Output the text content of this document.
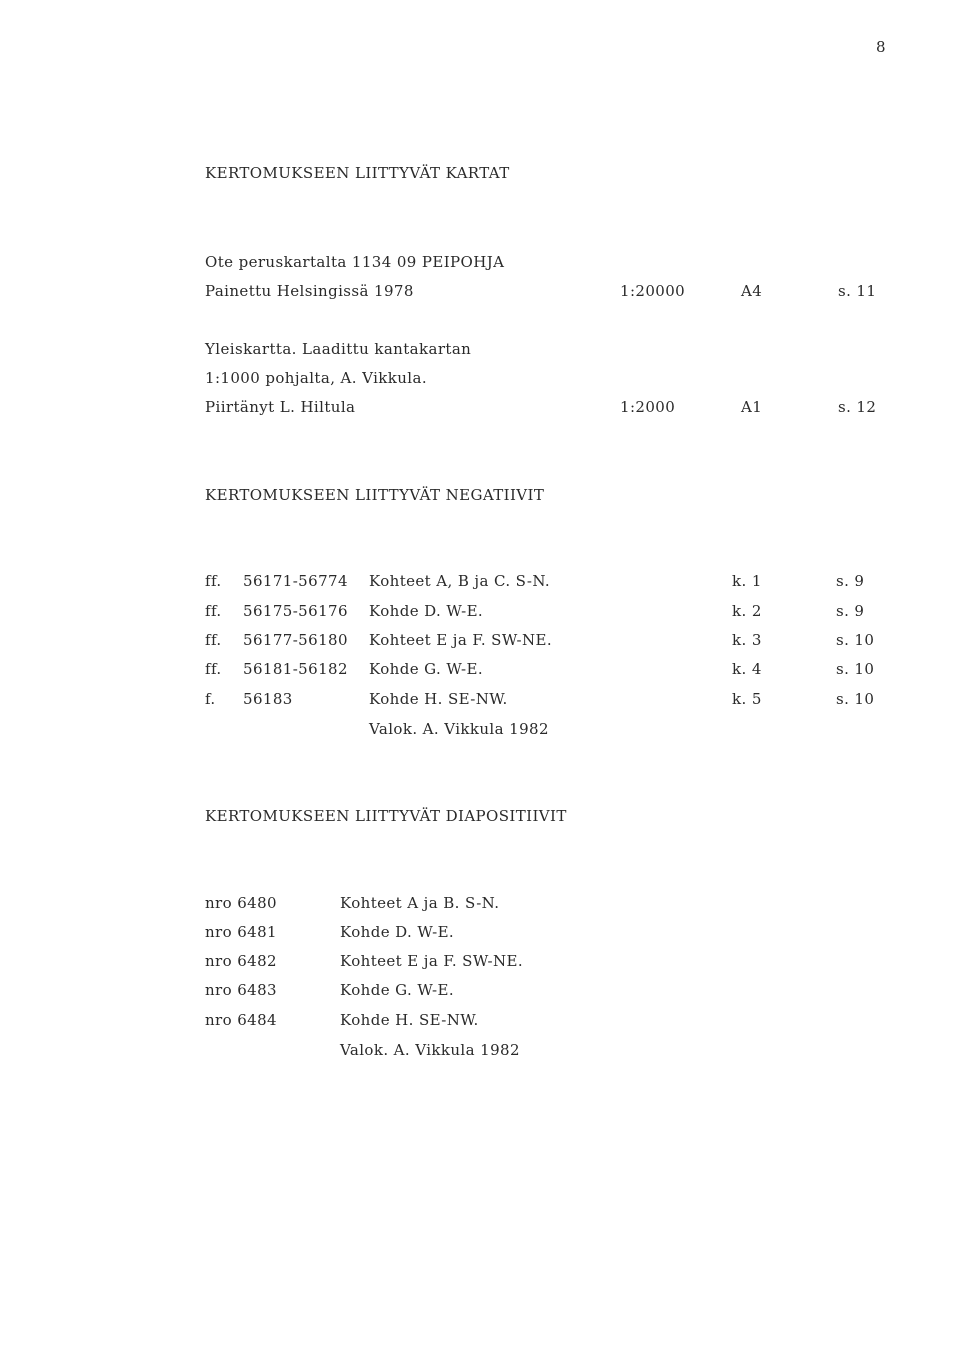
8
KERTOMUKSEEN LIITTYVÄT KARTAT
Ote peruskartalta 1134 09 PEIPOHJA
Painettu Helsingissä 1978	1:20000	A4	s. 11
Yleiskartta. Laadittu kantakartan
1:1000 pohjalta, A. Vikkula.
Piirtänyt L. Hiltula	1:2000	A1	s. 12
KERTOMUKSEEN LIITTYVÄT NEGATIIVIT
ff. 56171-56774 Kohteet A, B ja C. S-N.	k. 1	s. 9
ff. 56175-56176 Kohde D. W-E.	k. 2	s. 9
ff. 56177-56180 Kohteet E ja F. SW-NE.	k. 3	s. 10
ff. 56181-56182 Kohde G. W-E.	k. 4	s. 10
f. 56183	Kohde H. SE-NW.	k. 5	s. 10
Valok. A. Vikkula 1982
KERTOMUKSEEN LIITTYVÄT DIAPOSITIIVIT
nro 6480	Kohteet A ja B. S-N.
nro 6481	Kohde D. W-E.
nro 6482	Kohteet E ja F. SW-NE.
nro 6483	Kohde G. W-E.
nro 6484	Kohde H. SE-NW.
Valok. A. Vikkula 1982
